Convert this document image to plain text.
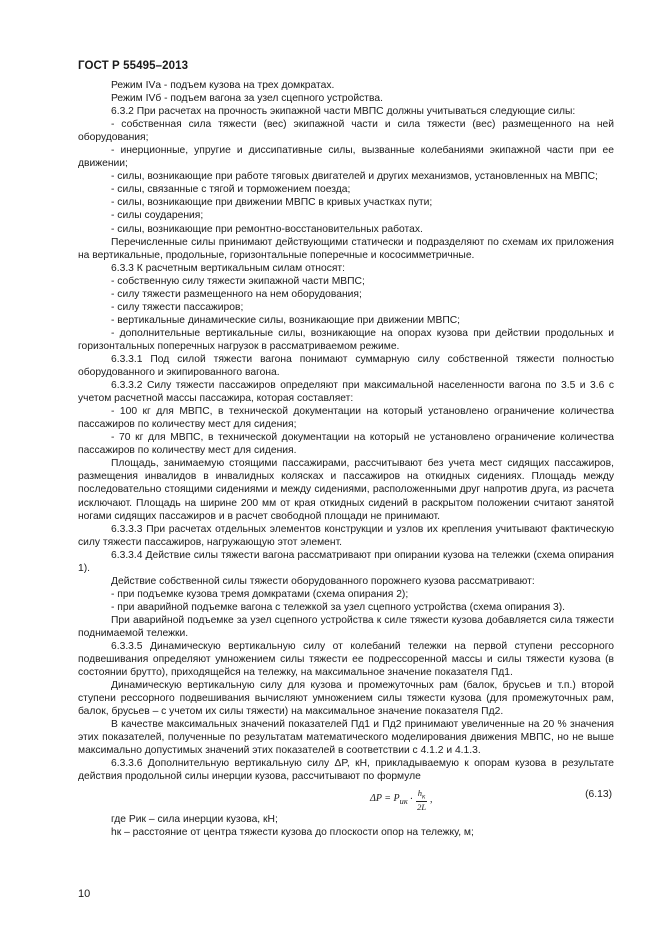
ГОСТ Р 55495–2013

Режим IVа - подъем кузова на трех домкратах.

Режим IVб - подъем вагона за узел сцепного устройства.

6.3.2 При расчетах на прочность экипажной части МВПС должны учитываться следующие силы:

- собственная сила тяжести (вес) экипажной части и сила тяжести (вес) размещенного на ней оборудования;

- инерционные, упругие и диссипативные силы, вызванные колебаниями экипажной части при ее движении;

- силы, возникающие при работе тяговых двигателей и других механизмов, установленных на МВПС;

- силы, связанные с тягой и торможением поезда;

- силы, возникающие при движении МВПС в кривых участках пути;

- силы соударения;

- силы, возникающие при ремонтно-восстановительных работах.

Перечисленные силы принимают действующими статически и подразделяют по схемам их приложения на вертикальные, продольные, горизонтальные поперечные и кососимметричные.

6.3.3 К расчетным вертикальным силам относят:

- собственную силу тяжести экипажной части МВПС;

- силу тяжести размещенного на нем оборудования;

- силу тяжести пассажиров;

- вертикальные динамические силы, возникающие при движении МВПС;

- дополнительные вертикальные силы, возникающие на опорах кузова при действии продольных и горизонтальных поперечных нагрузок в рассматриваемом режиме.

6.3.3.1 Под силой тяжести вагона понимают суммарную силу собственной тяжести полностью оборудованного и экипированного вагона.

6.3.3.2 Силу тяжести пассажиров определяют при максимальной населенности вагона по 3.5 и 3.6 с учетом расчетной массы пассажира, которая составляет:

- 100 кг для МВПС, в технической документации на который установлено ограничение количества пассажиров по количеству мест для сидения;

- 70 кг для МВПС, в технической документации на который не установлено ограничение количества пассажиров по количеству мест для сидения.

Площадь, занимаемую стоящими пассажирами, рассчитывают без учета мест сидящих пассажиров, размещения инвалидов в инвалидных колясках и пассажиров на откидных сидениях. Площадь между последовательно стоящими сидениями и между сидениями, расположенными друг напротив друга, из расчета исключают. Площадь на ширине 200 мм от края откидных сидений в раскрытом положении считают занятой ногами сидящих пассажиров и в расчет свободной площади не принимают.

6.3.3.3 При расчетах отдельных элементов конструкции и узлов их крепления учитывают фактическую силу тяжести пассажиров, нагружающую этот элемент.

6.3.3.4 Действие силы тяжести вагона рассматривают при опирании кузова на тележки (схема опирания 1).

Действие собственной силы тяжести оборудованного порожнего кузова рассматривают:

- при подъемке кузова тремя домкратами (схема опирания 2);

- при аварийной подъемке вагона с тележкой за узел сцепного устройства (схема опирания 3).

При аварийной подъемке за узел сцепного устройства к силе тяжести кузова добавляется сила тяжести поднимаемой тележки.

6.3.3.5 Динамическую вертикальную силу от колебаний тележки на первой ступени рессорного подвешивания определяют умножением силы тяжести ее подрессоренной массы и силы тяжести кузова (в состоянии брутто), приходящейся на тележку, на максимальное значение показателя Пд1.

Динамическую вертикальную силу для кузова и промежуточных рам (балок, брусьев и т.п.) второй ступени рессорного подвешивания вычисляют умножением силы тяжести кузова (для промежуточных рам, балок, брусьев – с учетом их силы тяжести) на максимальное значение показателя Пд2.

В качестве максимальных значений показателей Пд1 и Пд2 принимают увеличенные на 20 % значения этих показателей, полученные по результатам математического моделирования движения МВПС, но не выше максимально допустимых значений этих показателей в соответствии с 4.1.2 и 4.1.3.

6.3.3.6 Дополнительную вертикальную силу ΔP, кН, прикладываемую к опорам кузова в результате действия продольной силы инерции кузова, рассчитывают по формуле

$\Delta P = P_{ик} \cdot \frac{h_к}{2L}$ ,
(6.13)

где Pик – сила инерции кузова, кН;

hк – расстояние от центра тяжести кузова до плоскости опор на тележку, м;

10
